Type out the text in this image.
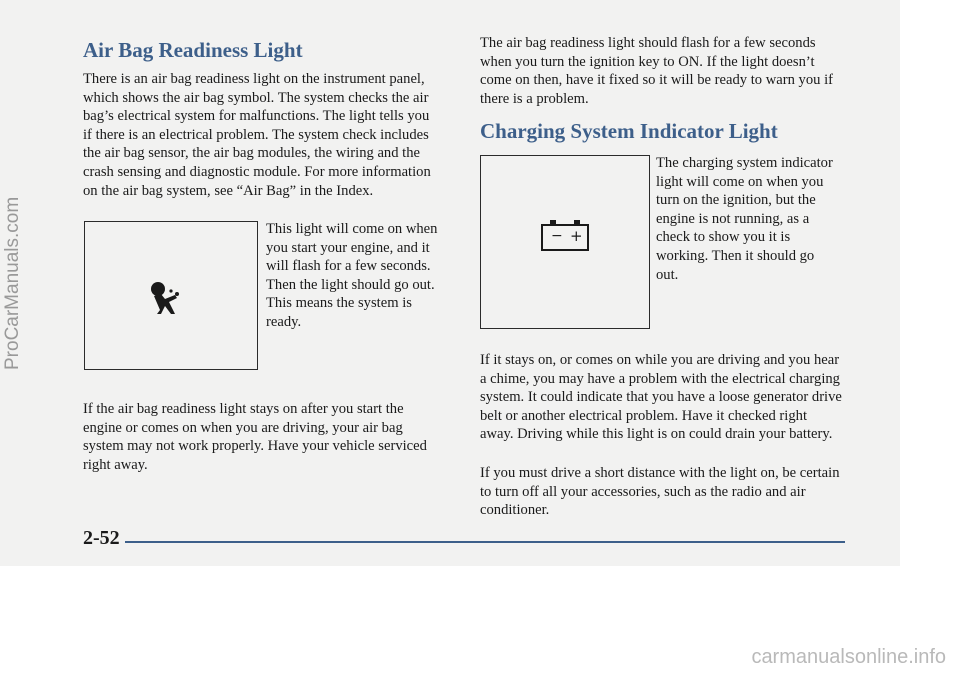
Air Bag Readiness Light

There is an air bag readiness light on the instrument panel, which shows the air bag symbol. The system checks the air bag’s electrical system for malfunctions. The light tells you if there is an electrical problem. The system check includes the air bag sensor, the air bag modules, the wiring and the crash sensing and diagnostic module. For more information on the air bag system, see “Air Bag” in the Index.

This light will come on when you start your engine, and it will flash for a few seconds. Then the light should go out. This means the system is ready.

If the air bag readiness light stays on after you start the engine or comes on when you are driving, your air bag system may not work properly. Have your vehicle serviced right away.

The air bag readiness light should flash for a few seconds when you turn the ignition key to ON. If the light doesn’t come on then, have it fixed so it will be ready to warn you if there is a problem.

Charging System Indicator Light
− +

The charging system indicator light will come on when you turn on the ignition, but the engine is not running, as a check to show you it is working. Then it should go out.

If it stays on, or comes on while you are driving and you hear a chime, you may have a problem with the electrical charging system. It could indicate that you have a loose generator drive belt or another electrical problem. Have it checked right away. Driving while this light is on could drain your battery.

If you must drive a short distance with the light on, be certain to turn off all your accessories, such as the radio and air conditioner.

2-52
ProCarManuals.com
carmanualsonline.info
